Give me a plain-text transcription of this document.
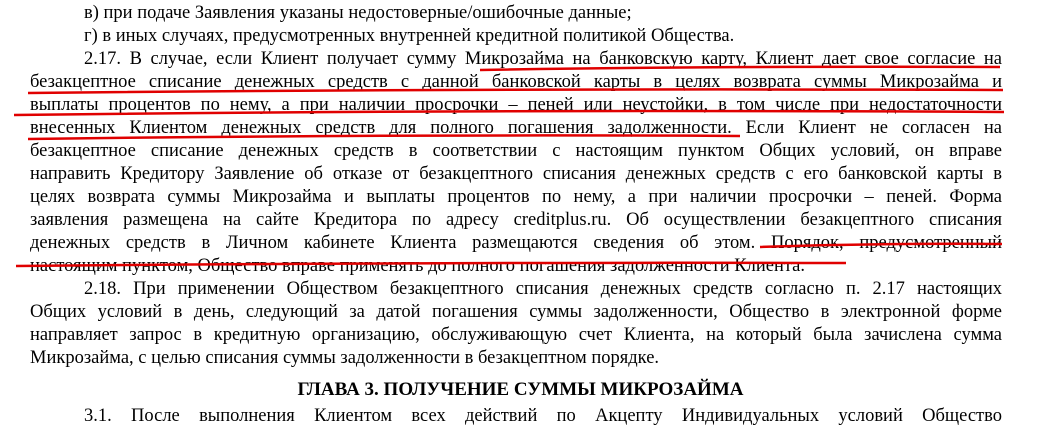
в) при подаче Заявления указаны недостоверные/ошибочные данные;
г) в иных случаях, предусмотренных внутренней кредитной политикой Общества.
2.17. В случае, если Клиент получает сумму Микрозайма на банковскую карту, Клиент дает свое согласие на
безакцептное списание денежных средств с данной банковской карты в целях возврата суммы Микрозайма и
выплаты процентов по нему, а при наличии просрочки – пеней или неустойки, в том числе при недостаточности
внесенных Клиентом денежных средств для полного погашения задолженности. Если Клиент не согласен на
безакцептное списание денежных средств в соответствии с настоящим пунктом Общих условий, он вправе
направить Кредитору Заявление об отказе от безакцептного списания денежных средств с его банковской карты в
целях возврата суммы Микрозайма и выплаты процентов по нему, а при наличии просрочки – пеней. Форма
заявления размещена на сайте Кредитора по адресу creditplus.ru. Об осуществлении безакцептного списания
денежных средств в Личном кабинете Клиента размещаются сведения об этом. Порядок, предусмотренный
настоящим пунктом, Общество вправе применять до полного погашения задолженности Клиента.
2.18. При применении Обществом безакцептного списания денежных средств согласно п. 2.17 настоящих
Общих условий в день, следующий за датой погашения суммы задолженности, Общество в электронной форме
направляет запрос в кредитную организацию, обслуживающую счет Клиента, на который была зачислена сумма
Микрозайма, с целью списания суммы задолженности в безакцептном порядке.
ГЛАВА 3. ПОЛУЧЕНИЕ СУММЫ МИКРОЗАЙМА
3.1. После выполнения Клиентом всех действий по Акцепту Индивидуальных условий Общество
